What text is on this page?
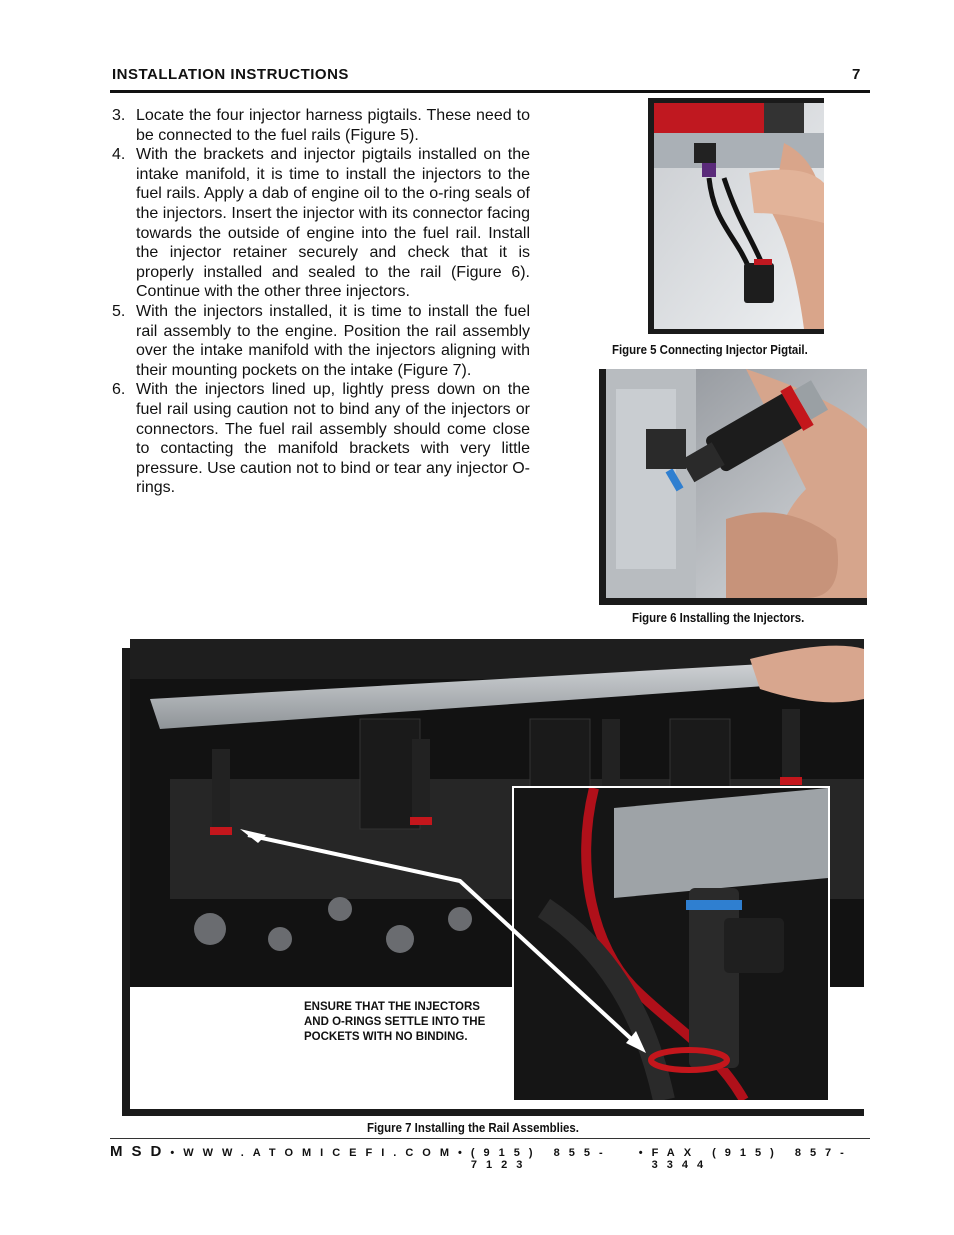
INSTALLATION INSTRUCTIONS	7
3. Locate the four injector harness pigtails. These need to be connected to the fuel rails (Figure 5).
4. With the brackets and injector pigtails installed on the intake manifold, it is time to install the injectors to the fuel rails. Apply a dab of engine oil to the o-ring seals of the injectors. Insert the injector with its connector facing towards the outside of engine into the fuel rail. Install the injector retainer securely and check that it is properly installed and sealed to the rail (Figure 6). Continue with the other three injectors.
5. With the injectors installed, it is time to install the fuel rail assembly to the engine. Position the rail assembly over the intake manifold with the injectors aligning with their mounting pockets on the intake (Figure 7).
6. With the injectors lined up, lightly press down on the fuel rail using caution not to bind any of the injectors or connectors. The fuel rail assembly should come close to contacting the manifold brackets with very little pressure. Use caution not to bind or tear any injector O-rings.
Figure 5 Connecting Injector Pigtail.
Figure 6 Installing the Injectors.
ENSURE THAT THE INJECTORS AND O-RINGS SETTLE INTO THE POCKETS WITH NO BINDING.
Figure 7 Installing the Rail Assemblies.
MSD • WWW.ATOMICEFI.COM • (915) 855-7123
• FAX (915) 857-3344
